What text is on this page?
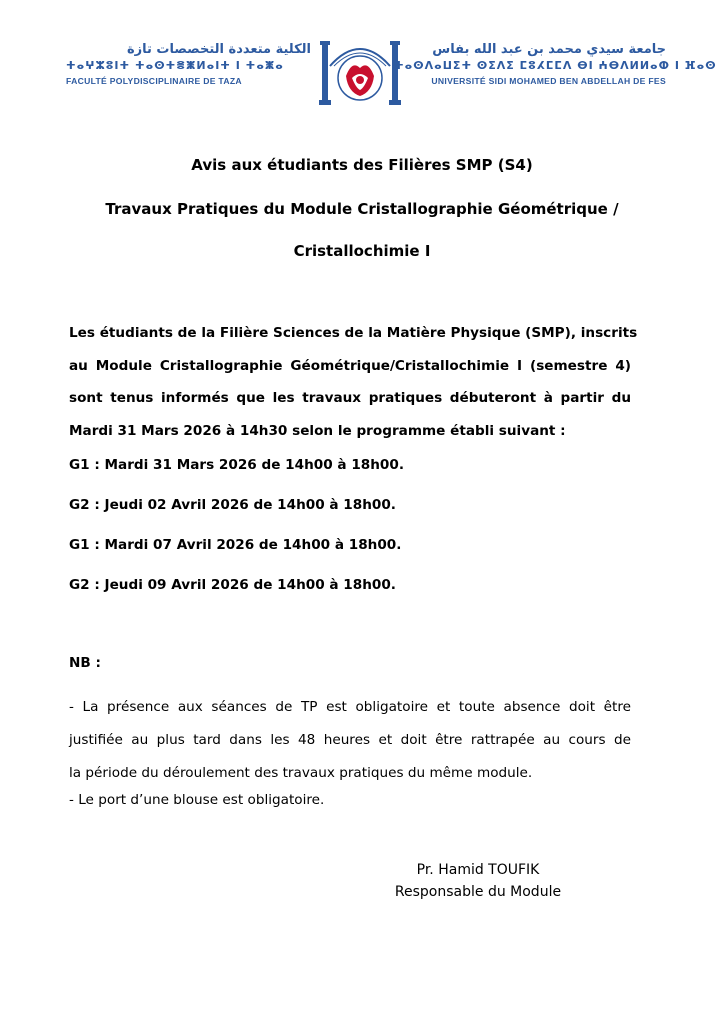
الكلية متعددة التخصصات تازة
ⵜⴰⵖⵣⵓⵏⵜ ⵜⴰⵙⵜⴻⵥⵍⴰⵏⵜ ⵏ ⵜⴰⵥⴰ
FACULTÉ POLYDISCIPLINAIRE DE TAZA
جامعة سيدي محمد بن عبد الله بفاس
ⵜⴰⵙⴷⴰⵡⵉⵜ ⵙⵉⴷⵉ ⵎⵓⵃⵎⵎⴷ ⴱⵏ ⵄⴱⴷⵍⵍⴰⵀ ⵏ ⴼⴰⵙ
UNIVERSITÉ SIDI MOHAMED BEN ABDELLAH DE FES
Avis aux étudiants des Filières SMP (S4)
Travaux Pratiques du Module Cristallographie Géométrique /
Cristallochimie I
Les étudiants de la Filière Sciences de la Matière Physique (SMP), inscrits
au Module Cristallographie Géométrique/Cristallochimie I (semestre 4)
sont tenus informés que les travaux pratiques débuteront à partir du
Mardi 31 Mars 2026 à 14h30 selon le programme établi suivant :
G1 : Mardi 31 Mars 2026 de 14h00 à 18h00.
G2 : Jeudi 02 Avril 2026 de 14h00 à 18h00.
G1 : Mardi 07 Avril 2026 de 14h00 à 18h00.
G2 : Jeudi 09 Avril 2026 de 14h00 à 18h00.
NB :
- La présence aux séances de TP est obligatoire et toute absence doit être
justifiée au plus tard dans les 48 heures et doit être rattrapée au cours de
la période du déroulement des travaux pratiques du même module.
- Le port d’une blouse est obligatoire.
Pr. Hamid TOUFIK
Responsable du Module
